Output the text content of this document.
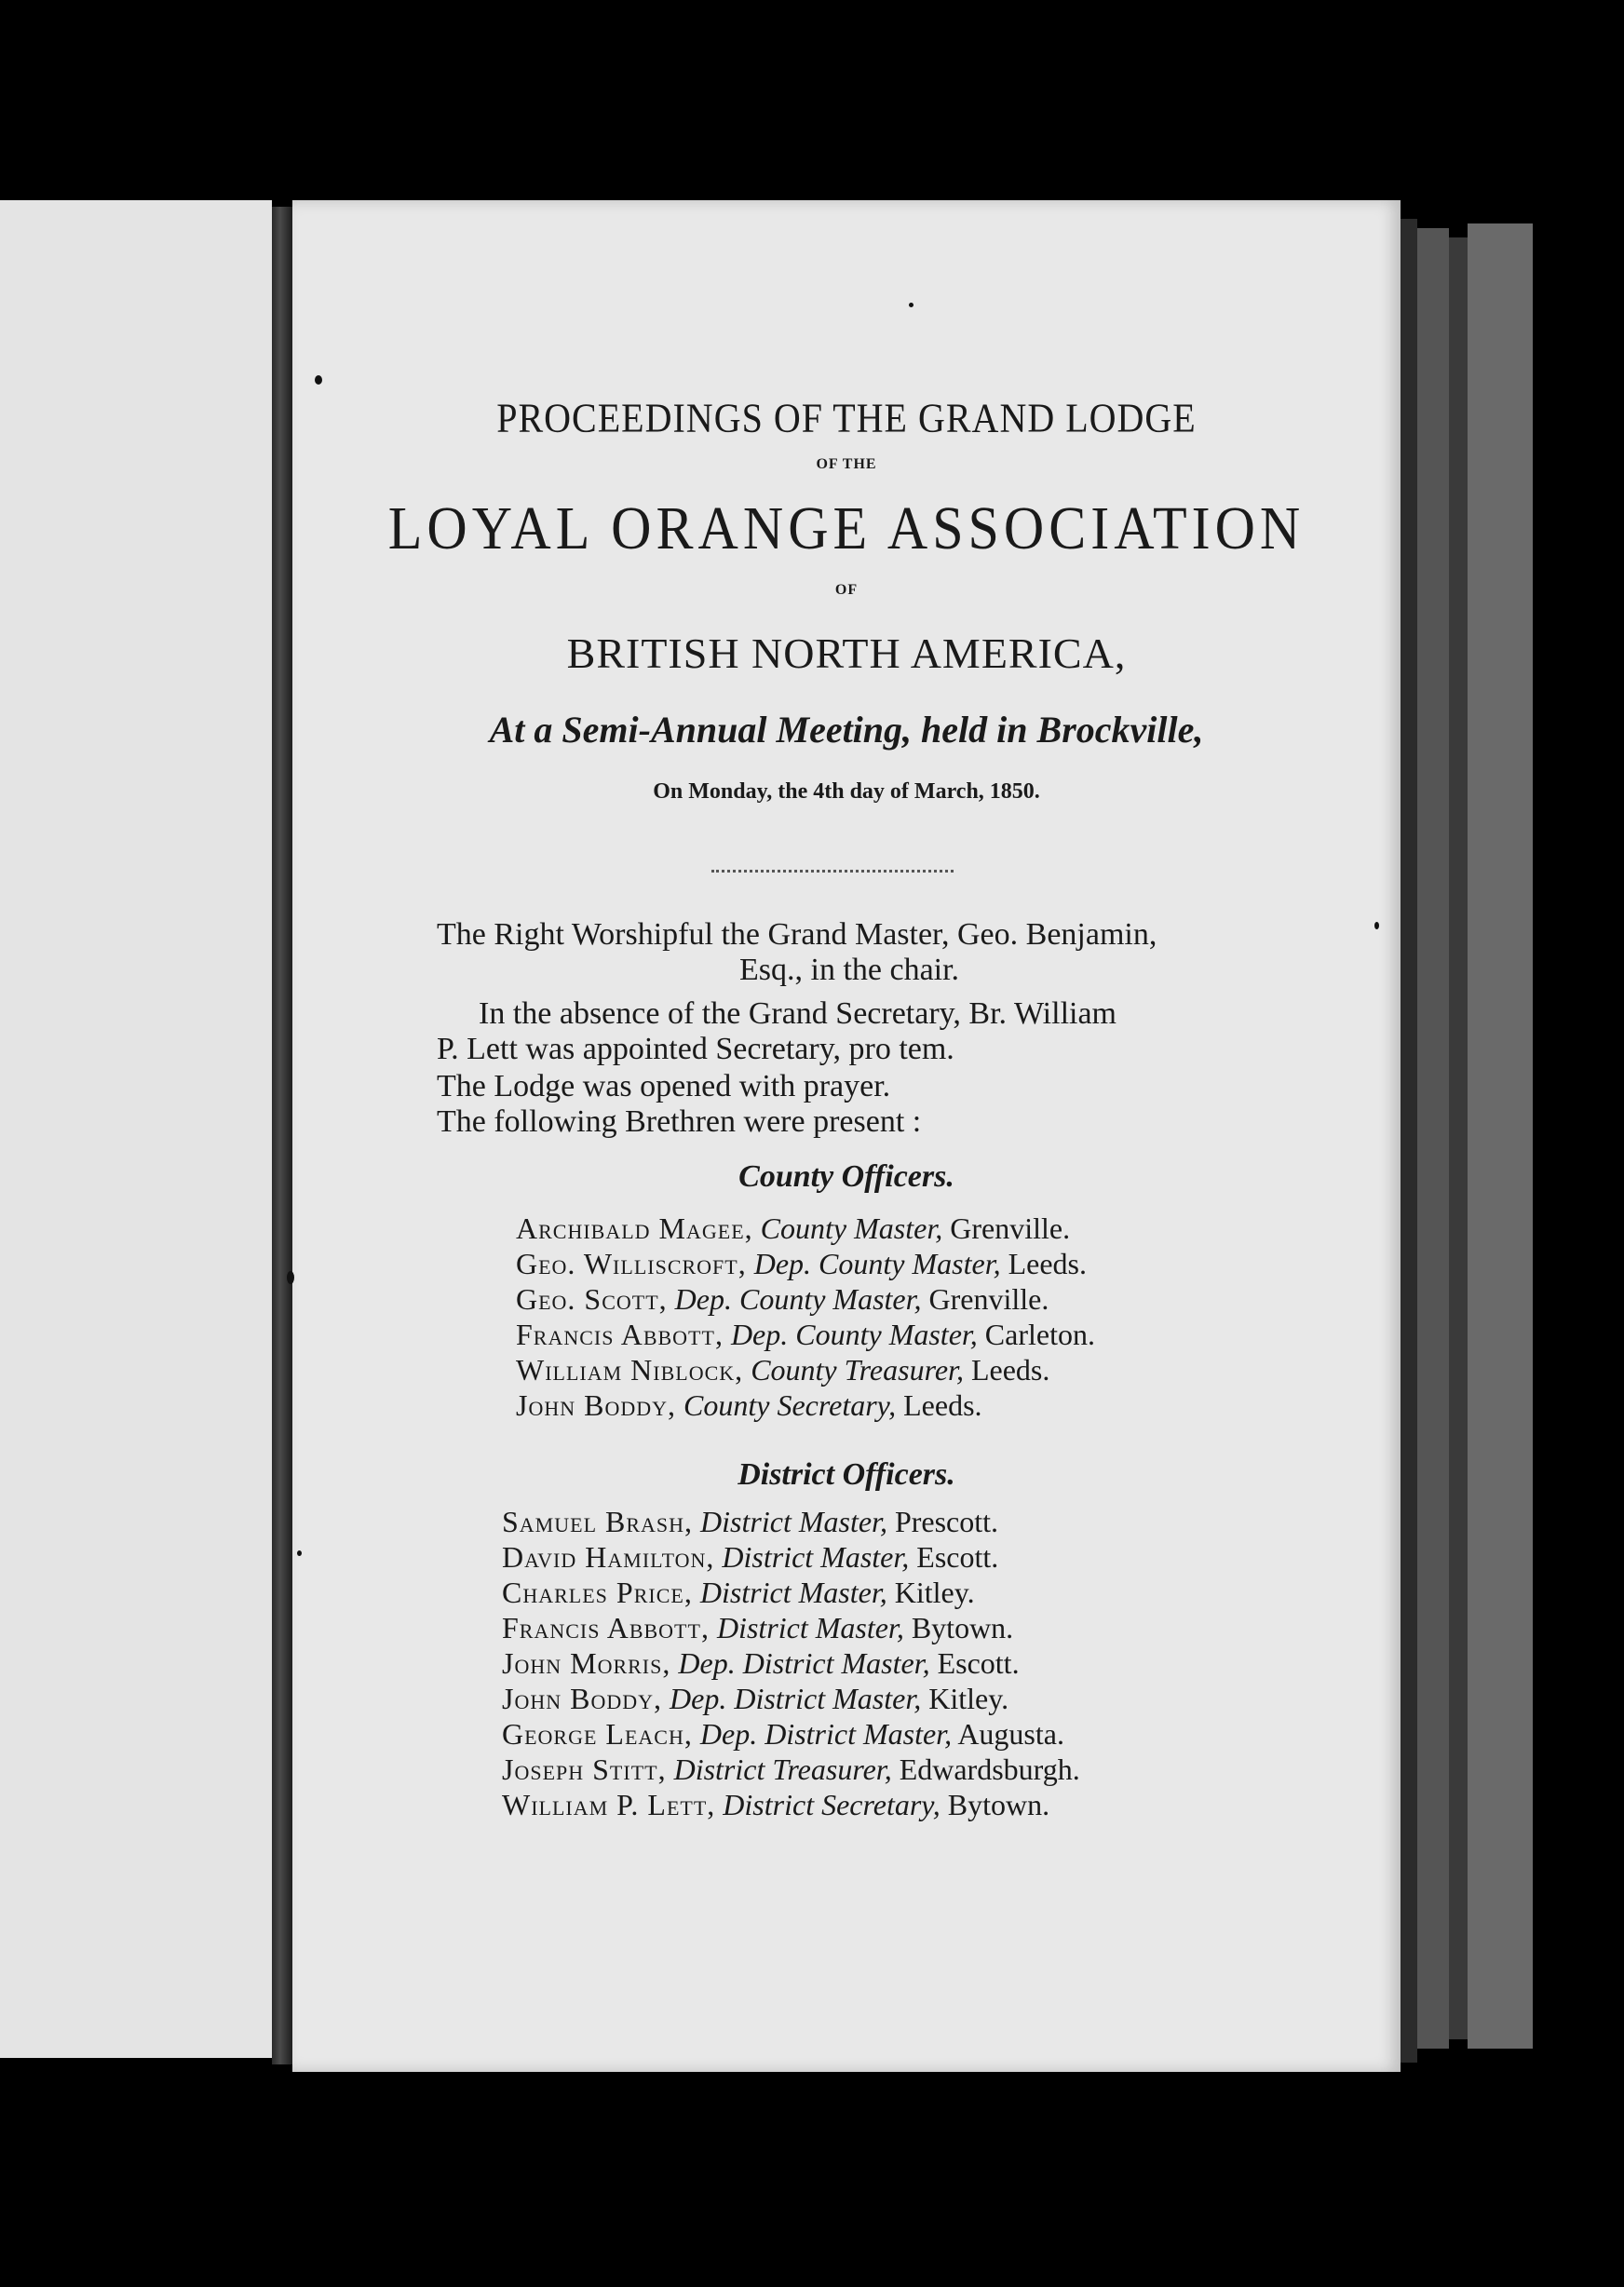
PROCEEDINGS OF THE GRAND LODGE
OF THE
LOYAL ORANGE ASSOCIATION
OF
BRITISH NORTH AMERICA,
At a Semi-Annual Meeting, held in Brockville,
On Monday, the 4th day of March, 1850.
The Right Worshipful the Grand Master, Geo. Benjamin,
Esq., in the chair.
In the absence of the Grand Secretary, Br. William
P. Lett was appointed Secretary, pro tem.
The Lodge was opened with prayer.
The following Brethren were present :
County Officers.
Archibald Magee, County Master, Grenville.
Geo. Williscroft, Dep. County Master, Leeds.
Geo. Scott, Dep. County Master, Grenville.
Francis Abbott, Dep. County Master, Carleton.
William Niblock, County Treasurer, Leeds.
John Boddy, County Secretary, Leeds.
District Officers.
Samuel Brash, District Master, Prescott.
David Hamilton, District Master, Escott.
Charles Price, District Master, Kitley.
Francis Abbott, District Master, Bytown.
John Morris, Dep. District Master, Escott.
John Boddy, Dep. District Master, Kitley.
George Leach, Dep. District Master, Augusta.
Joseph Stitt, District Treasurer, Edwardsburgh.
William P. Lett, District Secretary, Bytown.
